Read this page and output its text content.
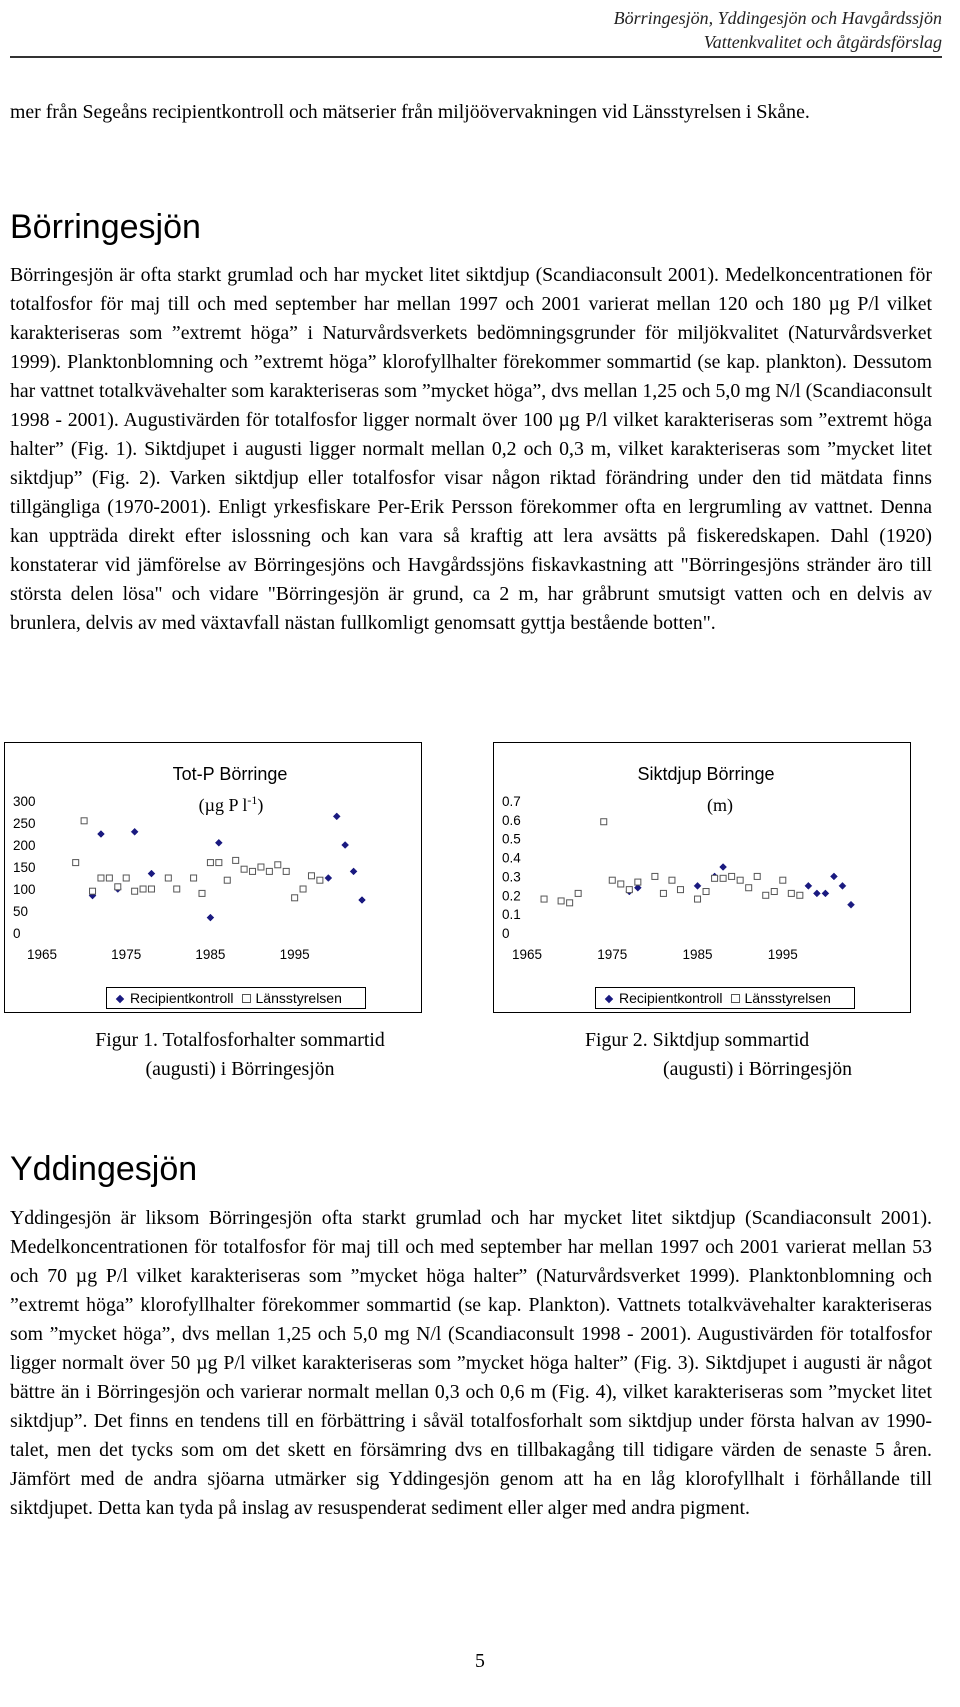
Börringesjön, Yddingesjön och Havgårdssjön
Vattenkvalitet och åtgärdsförslag

mer från Segeåns recipientkontroll och mätserier från miljöövervakningen vid Länsstyrelsen i Skåne.

Börringesjön

Börringesjön är ofta starkt grumlad och har mycket litet siktdjup (Scandiaconsult 2001). Medelkoncentrationen för totalfosfor för maj till och med september har mellan 1997 och 2001 varierat mellan 120 och 180 µg P/l vilket karakteriseras som ”extremt höga” i Naturvårdsverkets bedömningsgrunder för miljökvalitet (Naturvårdsverket 1999). Planktonblomning och ”extremt höga” klorofyllhalter förekommer sommartid (se kap. plankton). Dessutom har vattnet totalkvävehalter som karakteriseras som ”mycket höga”, dvs mellan 1,25 och 5,0 mg N/l (Scandiaconsult 1998 - 2001). Augustivärden för totalfosfor ligger normalt över 100 µg P/l vilket karakteriseras som ”extremt höga halter” (Fig. 1). Siktdjupet i augusti ligger normalt mellan 0,2 och 0,3 m, vilket karakteriseras som ”mycket litet siktdjup” (Fig. 2). Varken siktdjup eller totalfosfor visar någon riktad förändring under den tid mätdata finns tillgängliga (1970-2001). Enligt yrkesfiskare Per-Erik Persson förekommer ofta en lergrumling av vattnet. Denna kan uppträda direkt efter islossning och kan vara så kraftig att lera avsätts på fiskeredskapen. Dahl (1920) konstaterar vid jämförelse av Börringesjöns och Havgårdssjöns fiskavkastning att "Börringesjöns stränder äro till största delen lösa" och vidare "Börringesjön är grund, ca 2 m, har gråbrunt smutsigt vatten och en delvis av brunlera, delvis av med växtavfall nästan fullkomligt genomsatt gyttja bestående botten".

Tot-P Börringe
(µg P $l^{-1}$)
300
250
200
150
100
50
0
1965	1975	1985	1995
Recipientkontroll Länsstyrelsen
Figur 1. Totalfosforhalter sommartid
(augusti) i Börringesjön
Siktdjup Börringe
(m)
0.7
0.6
0.5
0.4
0.3
0.2
0.1
0
1965	1975	1985	1995
Recipientkontroll Länsstyrelsen
Figur 2. Siktdjup sommartid
(augusti) i Börringesjön
Yddingesjön

Yddingesjön är liksom Börringesjön ofta starkt grumlad och har mycket litet siktdjup (Scandiaconsult 2001). Medelkoncentrationen för totalfosfor för maj till och med september har mellan 1997 och 2001 varierat mellan 53 och 70 µg P/l vilket karakteriseras som ”mycket höga halter” (Naturvårdsverket 1999). Planktonblomning och ”extremt höga” klorofyllhalter förekommer sommartid (se kap. Plankton). Vattnets totalkvävehalter karakteriseras som ”mycket höga”, dvs mellan 1,25 och 5,0 mg N/l (Scandiaconsult 1998 - 2001). Augustivärden för totalfosfor ligger normalt över 50 µg P/l vilket karakteriseras som ”mycket höga halter” (Fig. 3). Siktdjupet i augusti är något bättre än i Börringesjön och varierar normalt mellan 0,3 och 0,6 m (Fig. 4), vilket karakteriseras som ”mycket litet siktdjup”. Det finns en tendens till en förbättring i såväl totalfosforhalt som siktdjup under första halvan av 1990-talet, men det tycks som om det skett en försämring dvs en tillbakagång till tidigare värden de senaste 5 åren. Jämfört med de andra sjöarna utmärker sig Yddingesjön genom att ha en låg klorofyllhalt i förhållande till siktdjupet. Detta kan tyda på inslag av resuspenderat sediment eller alger med andra pigment.

5
